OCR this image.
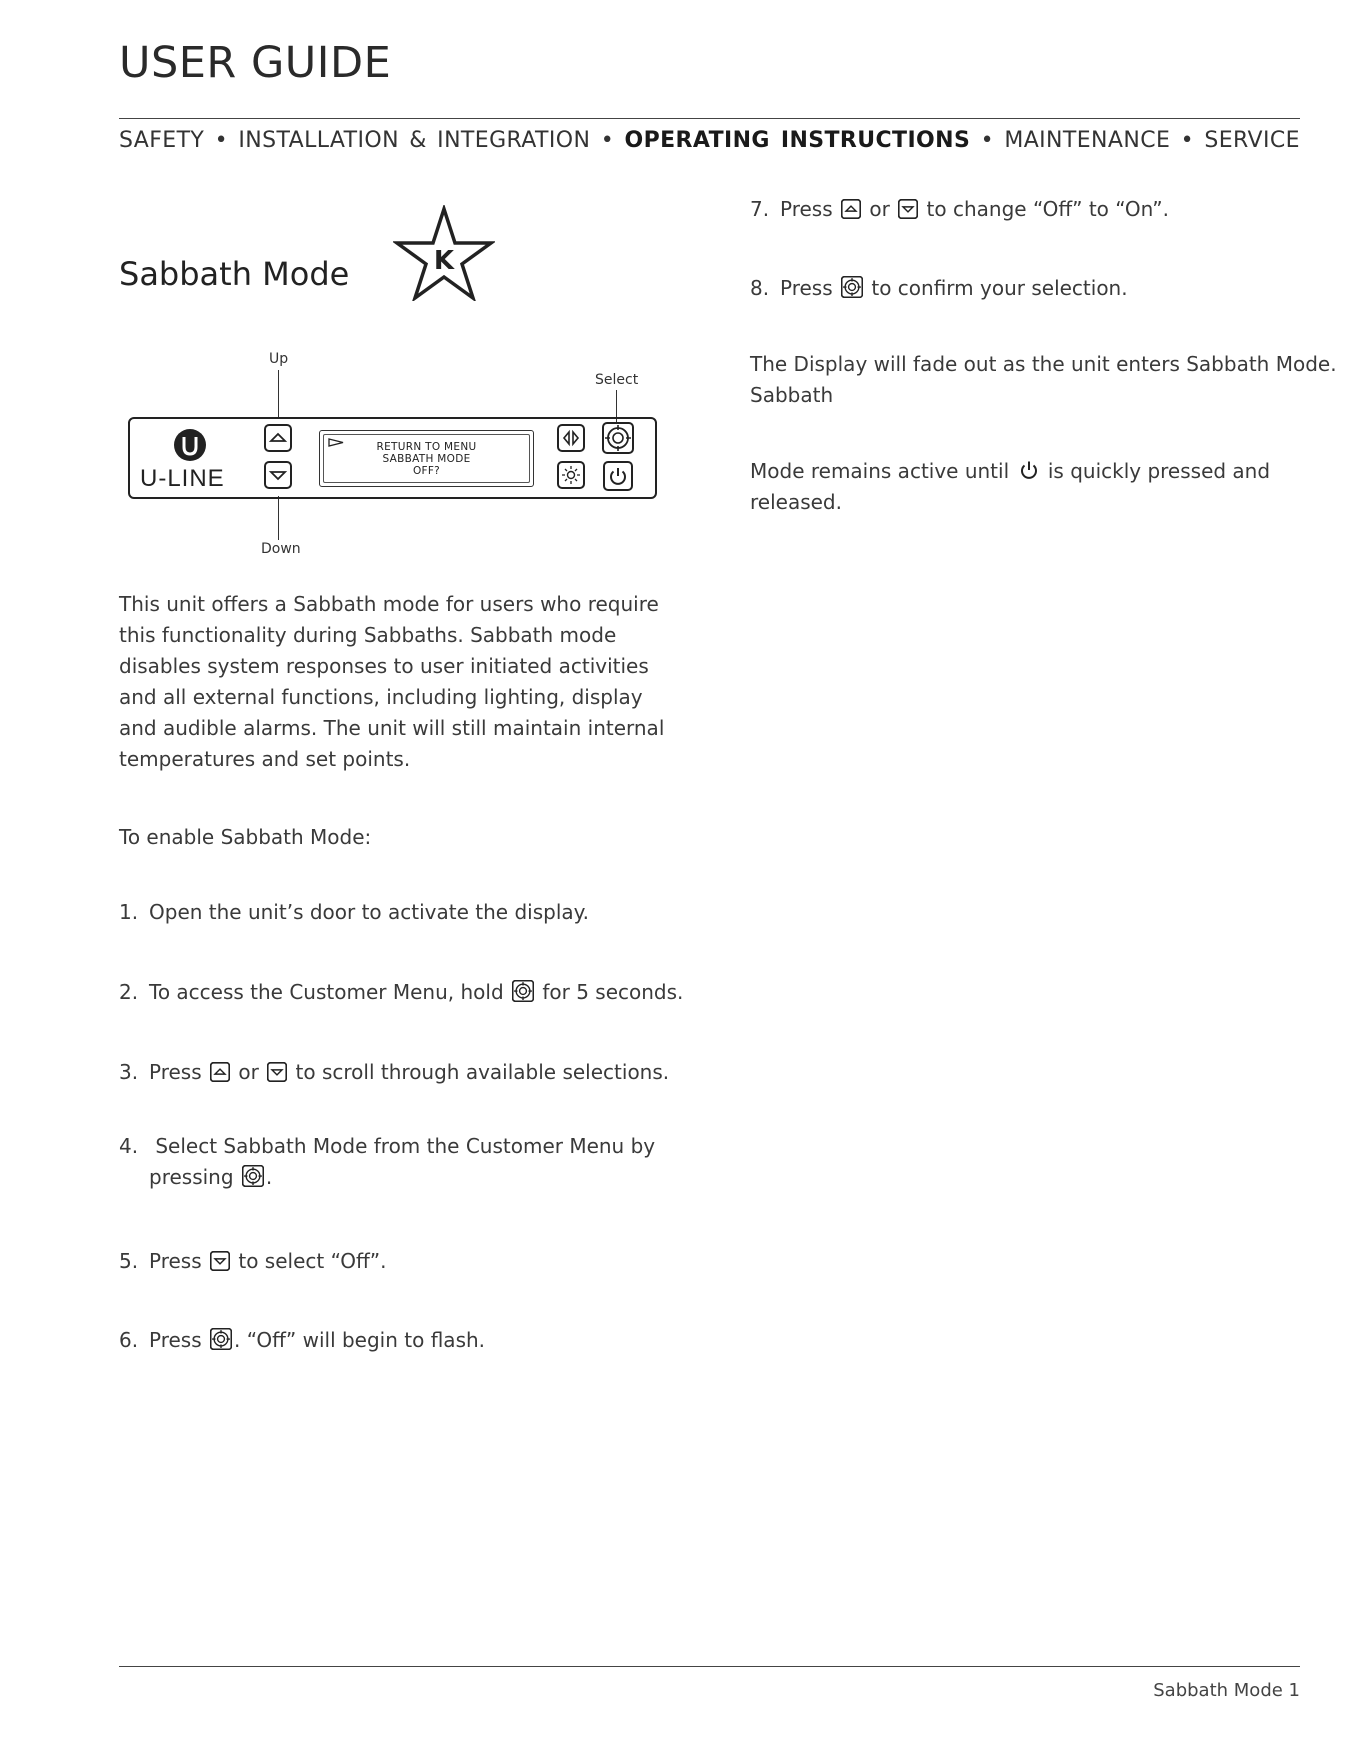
USER GUIDE
SAFETY • INSTALLATION & INTEGRATION • OPERATING INSTRUCTIONS • MAINTENANCE • SERVICE
Sabbath Mode	K
Up
Select
Down
U-LINE
RETURN TO MENU
SABBATH MODE
OFF?
This unit offers a Sabbath mode for users who require this functionality during Sabbaths. Sabbath mode disables system responses to user initiated activities and all external functions, including lighting, display and audible alarms. The unit will still maintain internal temperatures and set points.
To enable Sabbath Mode:
1. Open the unit’s door to activate the display.
2. To access the Customer Menu, hold for 5 seconds.
3. Press or to scroll through available selections.
4. Select Sabbath Mode from the Customer Menu by
pressing .
5. Press to select “Off”.
6. Press . “Off” will begin to flash.
7. Press or to change “Off” to “On”.
8. Press to confirm your selection.
The Display will fade out as the unit enters Sabbath Mode.
Sabbath
Mode remains active until is quickly pressed and
released.
Sabbath Mode 1
